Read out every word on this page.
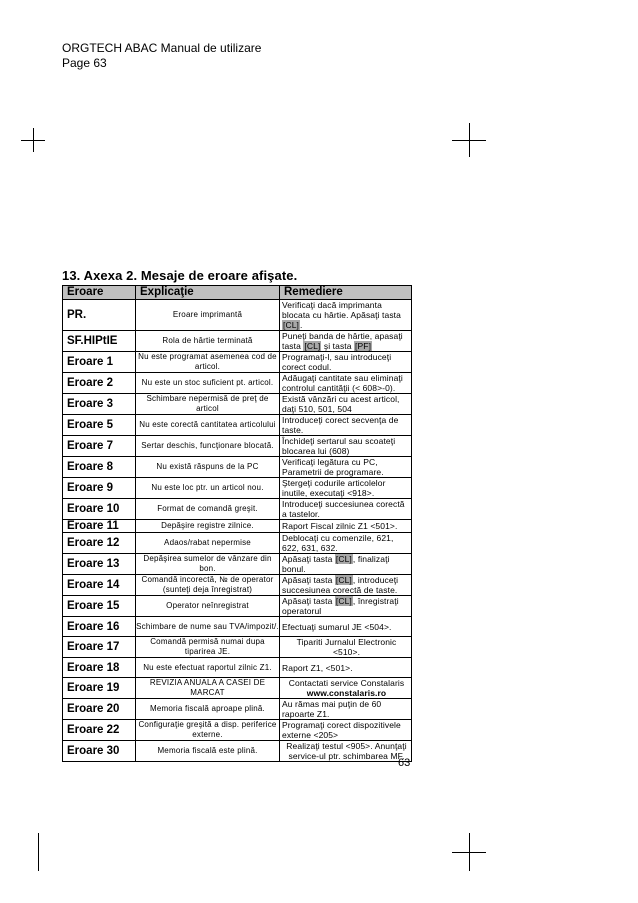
ORGTECH ABAC Manual de utilizare
Page 63
13. Axexa 2. Mesaje de eroare afişate.
Eroare	Explicaţie	Remediere
PR.	Eroare imprimantă	Verificaţi dacă imprimanta blocata cu hârtie. Apăsaţi tasta [CL].
SF.HIPtIE	Rola de hârtie terminată	Puneţi banda de hârtie, apasaţi tasta [CL] şi tasta [PF]
Eroare 1	Nu este programat asemenea cod de articol.	Programaţi-l, sau introduceţi corect codul.
Eroare 2	Nu este un stoc suficient pt. articol.	Adăugaţi cantitate sau eliminaţi controlul cantităţii (< 608>-0).
Eroare 3	Schimbare nepermisă de preţ de articol	Există vânzări cu acest articol, daţi 510, 501, 504
Eroare 5	Nu este corectă cantitatea articolului	Introduceţi corect secvenţa de taste.
Eroare 7	Sertar deschis, funcţionare blocată.	Închideţi sertarul sau scoateţi blocarea lui (608)
Eroare 8	Nu există răspuns de la PC	Verificaţi legătura cu PC, Parametrii de programare.
Eroare 9	Nu este loc ptr. un articol nou.	Ştergeţi codurile articolelor inutile, executaţi <918>.
Eroare 10	Format de comandă greşit.	Introduceţi succesiunea corectă a tastelor.
Eroare 11	Depăşire registre zilnice.	Raport Fiscal zilnic Z1 <501>.
Eroare 12	Adaos/rabat nepermise	Deblocaţi cu comenzile, 621, 622, 631, 632.
Eroare 13	Depăşirea sumelor de vânzare din bon.	Apăsaţi tasta [CL], finalizaţi bonul.
Eroare 14	Comandă incorectă, № de operator (sunteţi deja înregistrat)	Apăsaţi tasta [CL], introduceţi succesiunea corectă de taste.
Eroare 15	Operator neînregistrat	Apăsaţi tasta [CL], înregistraţi operatorul
Eroare 16	Schimbare de nume sau TVA/impozit/.	Efectuaţi sumarul JE <504>.
Eroare 17	Comandă permisă numai dupa tiparirea JE.	Tipariti Jurnalul Electronic <510>.
Eroare 18	Nu este efectuat raportul zilnic Z1.	Raport Z1, <501>.
Eroare 19	REVIZIA ANUALA A CASEI DE MARCAT	Contactati service Constalaris www.constalaris.ro
Eroare 20	Memoria fiscală aproape plină.	Au rămas mai puţin de 60 rapoarte Z1.
Eroare 22	Configuraţie greşită a disp. periferice externe.	Programaţi corect dispozitivele externe <205>
Eroare 30	Memoria fiscală este plină.	Realizaţi testul <905>. Anunţaţi service-ul ptr. schimbarea MF.
63
